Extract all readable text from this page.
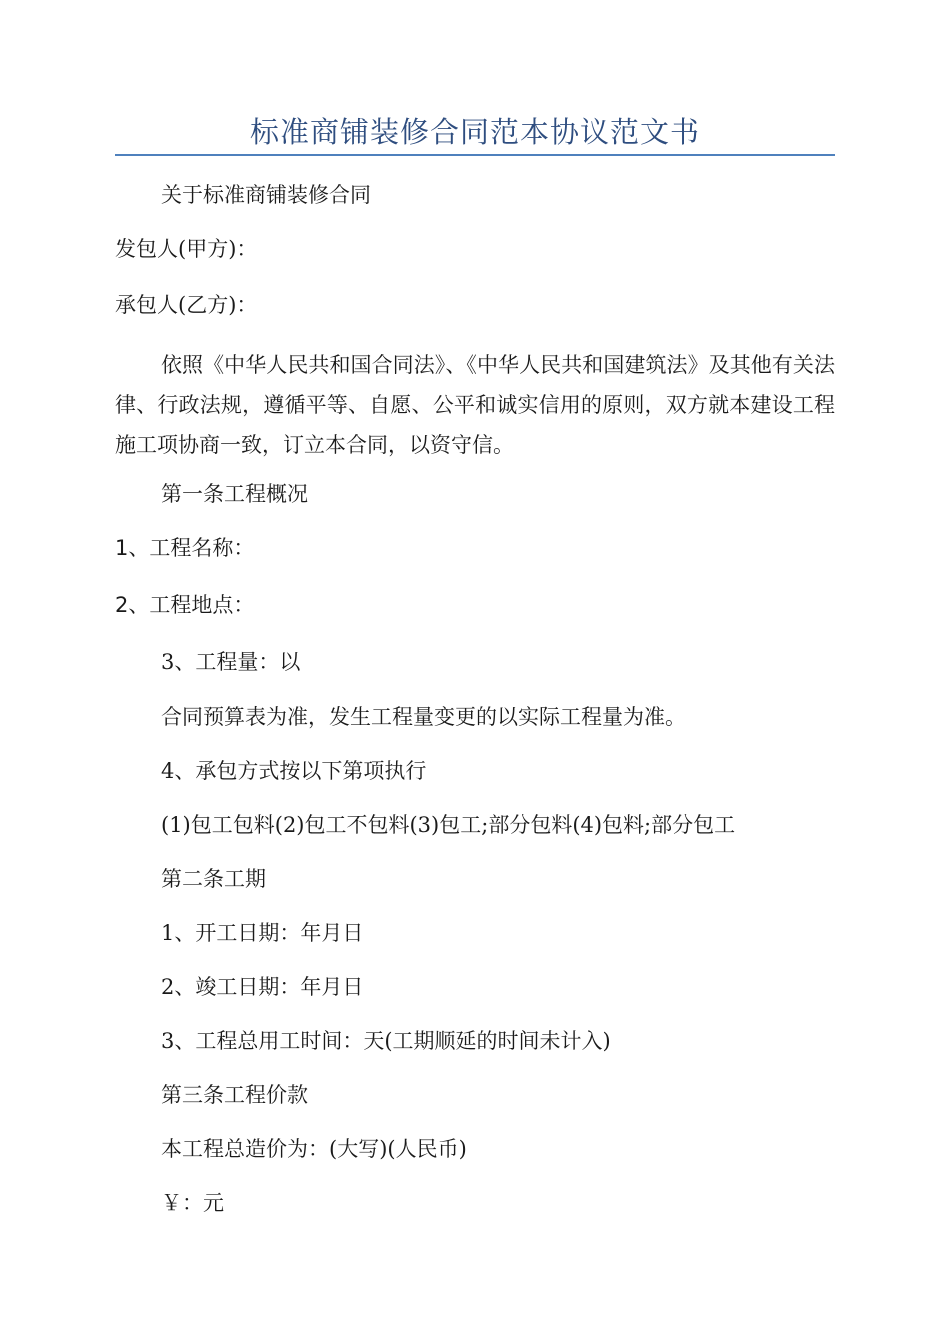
标准商铺装修合同范本协议范文书
关于标准商铺装修合同
发包人(甲方)：
承包人(乙方)：
依照《中华人民共和国合同法》、《中华人民共和国建筑法》及其他有关法律、行政法规，遵循平等、自愿、公平和诚实信用的原则，双方就本建设工程施工项协商一致，订立本合同，以资守信。
第一条工程概况
1、工程名称：
2、工程地点：
3、工程量：以
合同预算表为准，发生工程量变更的以实际工程量为准。
4、承包方式按以下第项执行
(1)包工包料(2)包工不包料(3)包工;部分包料(4)包料;部分包工
第二条工期
1、开工日期：年月日
2、竣工日期：年月日
3、工程总用工时间：天(工期顺延的时间未计入)
第三条工程价款
本工程总造价为：(大写)(人民币)
￥：元
